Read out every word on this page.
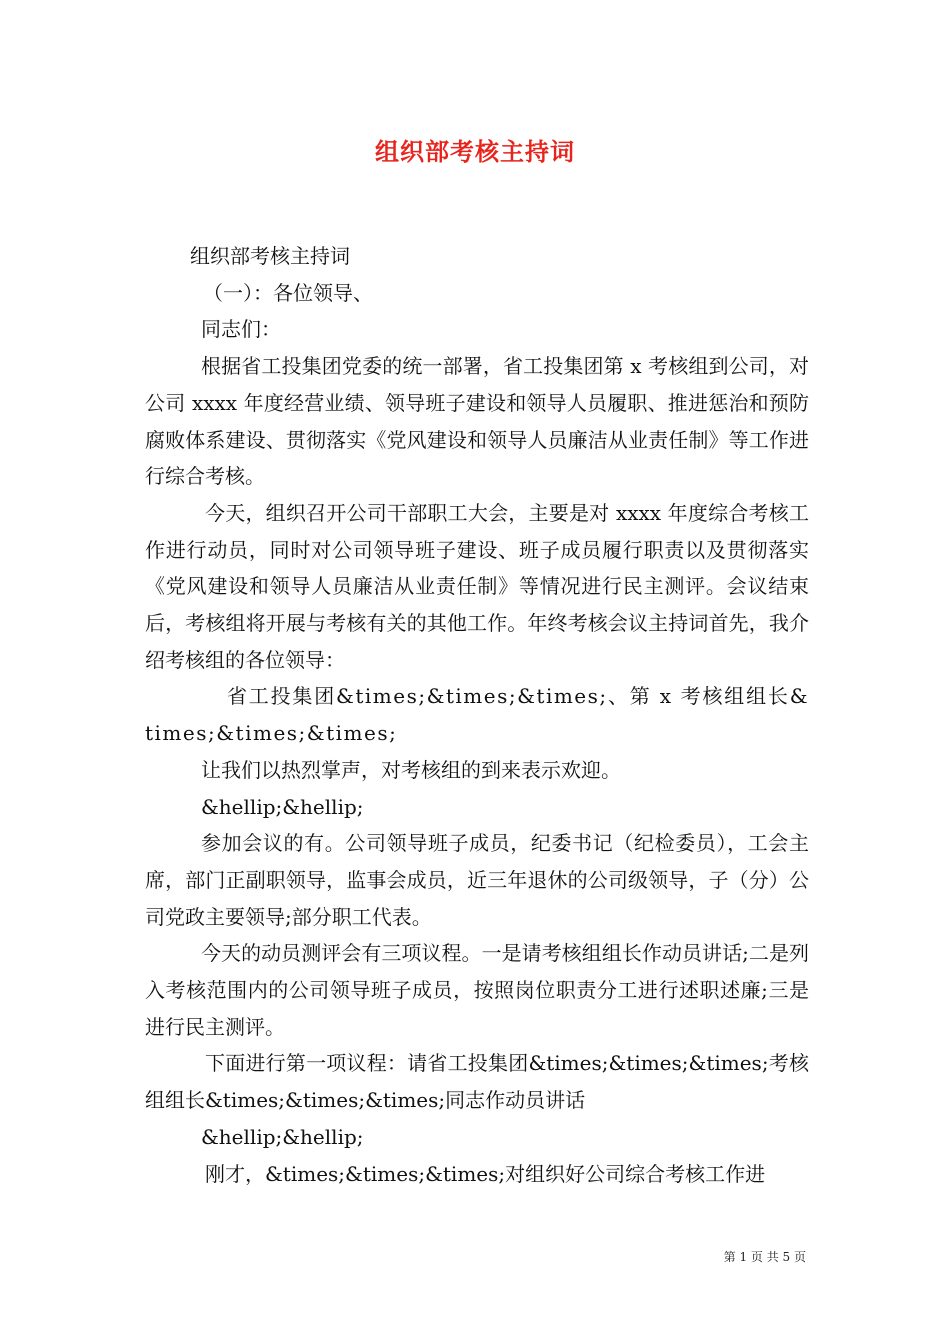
组织部考核主持词

组织部考核主持词

（一）：各位领导、

同志们：

根据省工投集团党委的统一部署，省工投集团第 x 考核组到公司，对公司 xxxx 年度经营业绩、领导班子建设和领导人员履职、推进惩治和预防腐败体系建设、贯彻落实《党风建设和领导人员廉洁从业责任制》等工作进行综合考核。

今天，组织召开公司干部职工大会，主要是对 xxxx 年度综合考核工作进行动员，同时对公司领导班子建设、班子成员履行职责以及贯彻落实《党风建设和领导人员廉洁从业责任制》等情况进行民主测评。会议结束后，考核组将开展与考核有关的其他工作。年终考核会议主持词首先，我介绍考核组的各位领导：

省工投集团&times;&times;&times;、第 x 考核组组长&times;&times;&times;

让我们以热烈掌声，对考核组的到来表示欢迎。

&hellip;&hellip;

参加会议的有。公司领导班子成员，纪委书记（纪检委员），工会主席，部门正副职领导，监事会成员，近三年退休的公司级领导，子（分）公司党政主要领导;部分职工代表。

今天的动员测评会有三项议程。一是请考核组组长作动员讲话;二是列入考核范围内的公司领导班子成员，按照岗位职责分工进行述职述廉;三是进行民主测评。

下面进行第一项议程：请省工投集团&times;&times;&times;考核组组长&times;&times;&times;同志作动员讲话

&hellip;&hellip;

刚才，&times;&times;&times;对组织好公司综合考核工作进

第 1 页 共 5 页
